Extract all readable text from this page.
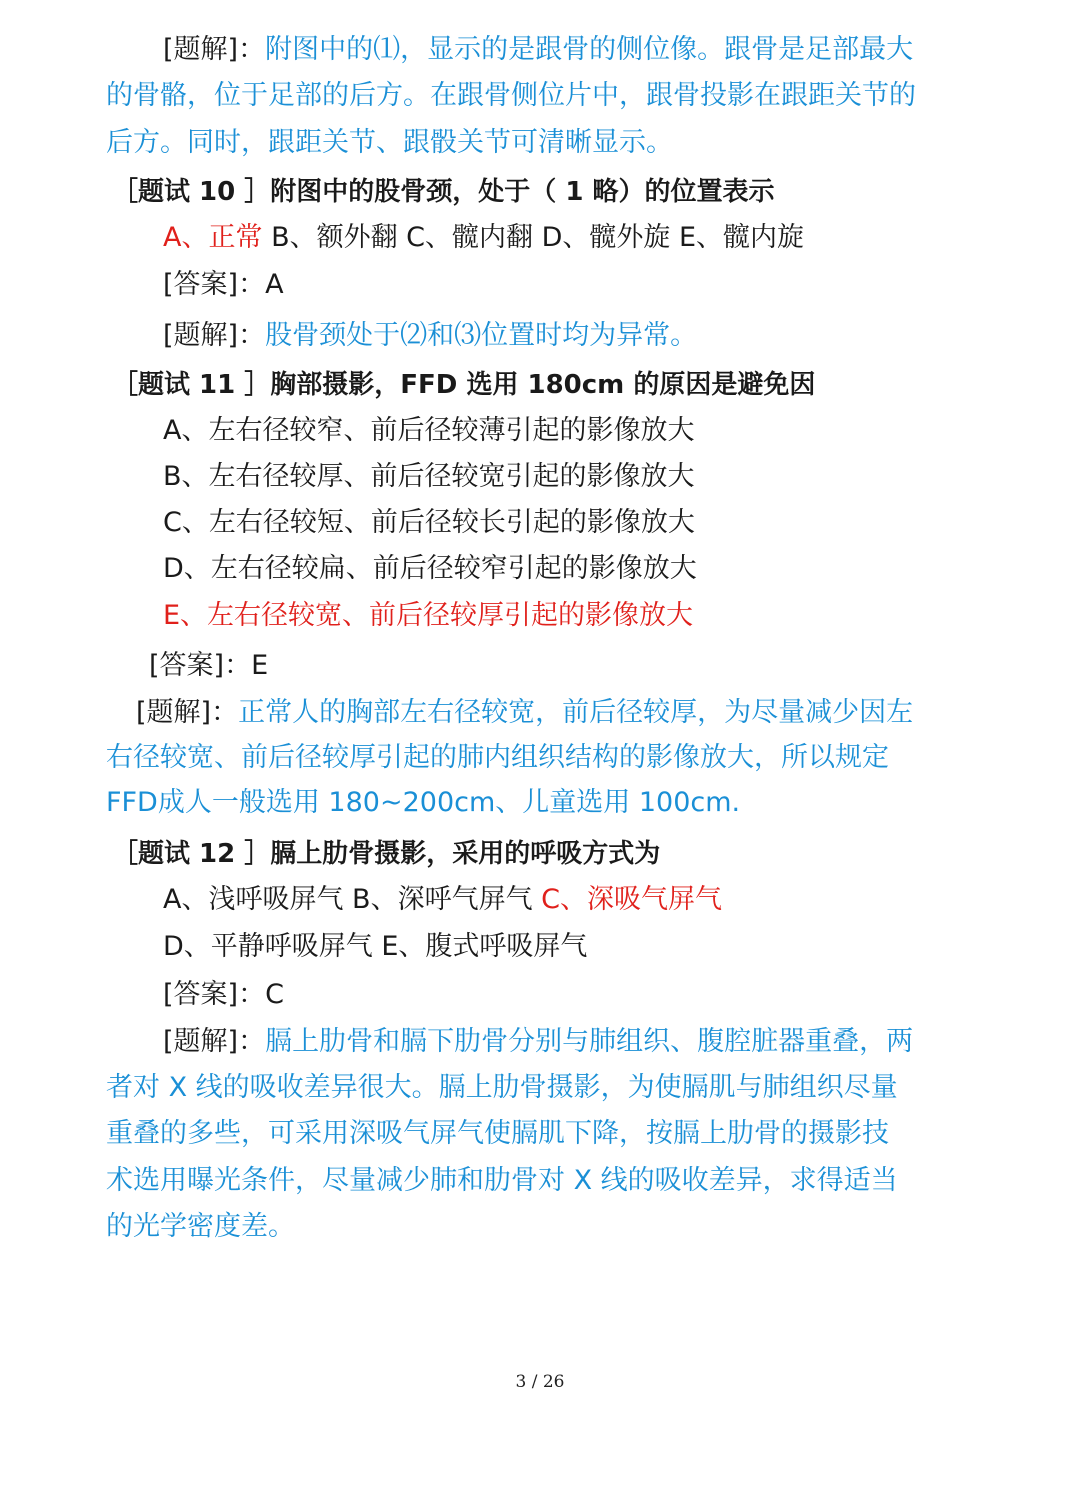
[题解]：附图中的⑴，显示的是跟骨的侧位像。跟骨是足部最大
的骨骼，位于足部的后方。在跟骨侧位片中，跟骨投影在跟距关节的
后方。同时，跟距关节、跟骰关节可清晰显示。
［题试 10 ］附图中的股骨颈，处于（ 1 略）的位置表示
A、正常 B、额外翻 C、髋内翻 D、髋外旋 E、髋内旋
[答案]：A
[题解]：股骨颈处于⑵和⑶位置时均为异常。
［题试 11 ］胸部摄影，FFD 选用 180cm 的原因是避免因
A、左右径较窄、前后径较薄引起的影像放大
B、左右径较厚、前后径较宽引起的影像放大
C、左右径较短、前后径较长引起的影像放大
D、左右径较扁、前后径较窄引起的影像放大
E、左右径较宽、前后径较厚引起的影像放大
[答案]：E
[题解]：正常人的胸部左右径较宽，前后径较厚，为尽量减少因左
右径较宽、前后径较厚引起的肺内组织结构的影像放大，所以规定
FFD成人一般选用 180~200cm、儿童选用 100cm.
［题试 12 ］膈上肋骨摄影，采用的呼吸方式为
A、浅呼吸屏气 B、深呼气屏气 C、深吸气屏气
D、平静呼吸屏气 E、腹式呼吸屏气
[答案]：C
[题解]：膈上肋骨和膈下肋骨分别与肺组织、腹腔脏器重叠，两
者对 X 线的吸收差异很大。膈上肋骨摄影，为使膈肌与肺组织尽量
重叠的多些，可采用深吸气屏气使膈肌下降，按膈上肋骨的摄影技
术选用曝光条件，尽量减少肺和肋骨对 X 线的吸收差异，求得适当
的光学密度差。
3 / 26
